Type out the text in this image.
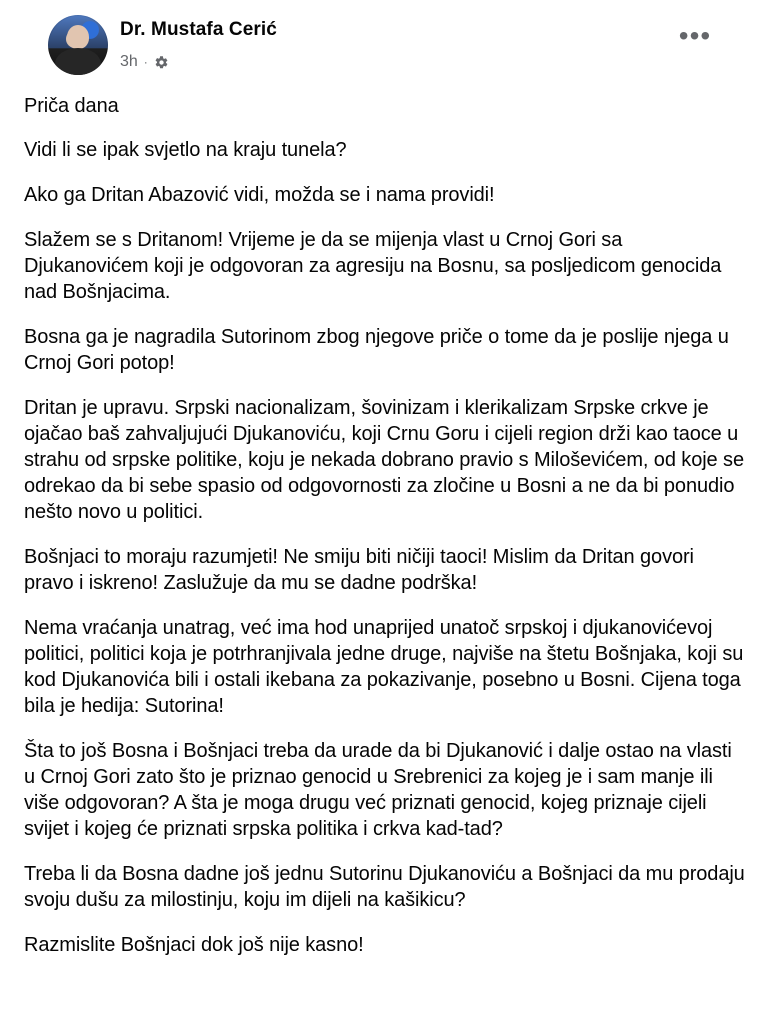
Dr. Mustafa Cerić
3h ·
•••

Priča dana

Vidi li se ipak svjetlo na kraju tunela?

Ako ga Dritan Abazović vidi, možda se i nama providi!

Slažem se s Dritanom! Vrijeme je da se mijenja vlast u Crnoj Gori sa Djukanovićem koji je odgovoran za agresiju na Bosnu, sa posljedicom genocida nad Bošnjacima.

Bosna ga je nagradila Sutorinom zbog njegove priče o tome da je poslije njega u Crnoj Gori potop!

Dritan je upravu. Srpski nacionalizam, šovinizam i klerikalizam Srpske crkve je ojačao baš zahvaljujući Djukanoviću, koji Crnu Goru i cijeli region drži kao taoce u strahu od srpske politike, koju je nekada dobrano pravio s Miloševićem, od koje se odrekao da bi sebe spasio od odgovornosti za zločine u Bosni a ne da bi ponudio nešto novo u politici.

Bošnjaci to moraju razumjeti! Ne smiju biti ničiji taoci! Mislim da Dritan govori pravo i iskreno! Zaslužuje da mu se dadne podrška!

Nema vraćanja unatrag, već ima hod unaprijed unatoč srpskoj i djukanovićevoj politici, politici koja je potrhranjivala jedne druge, najviše na štetu Bošnjaka, koji su kod Djukanovića bili i ostali ikebana za pokazivanje, posebno u Bosni. Cijena toga bila je hedija: Sutorina!

Šta to još Bosna i Bošnjaci treba da urade da bi Djukanović i dalje ostao na vlasti u Crnoj Gori zato što je priznao genocid u Srebrenici za kojeg je i sam manje ili više odgovoran? A šta je moga drugu već priznati genocid, kojeg priznaje cijeli svijet i kojeg će priznati srpska politika i crkva kad-tad?

Treba li da Bosna dadne još jednu Sutorinu Djukanoviću a Bošnjaci da mu prodaju svoju dušu za milostinju, koju im dijeli na kašikicu?

Razmislite Bošnjaci dok još nije kasno!
